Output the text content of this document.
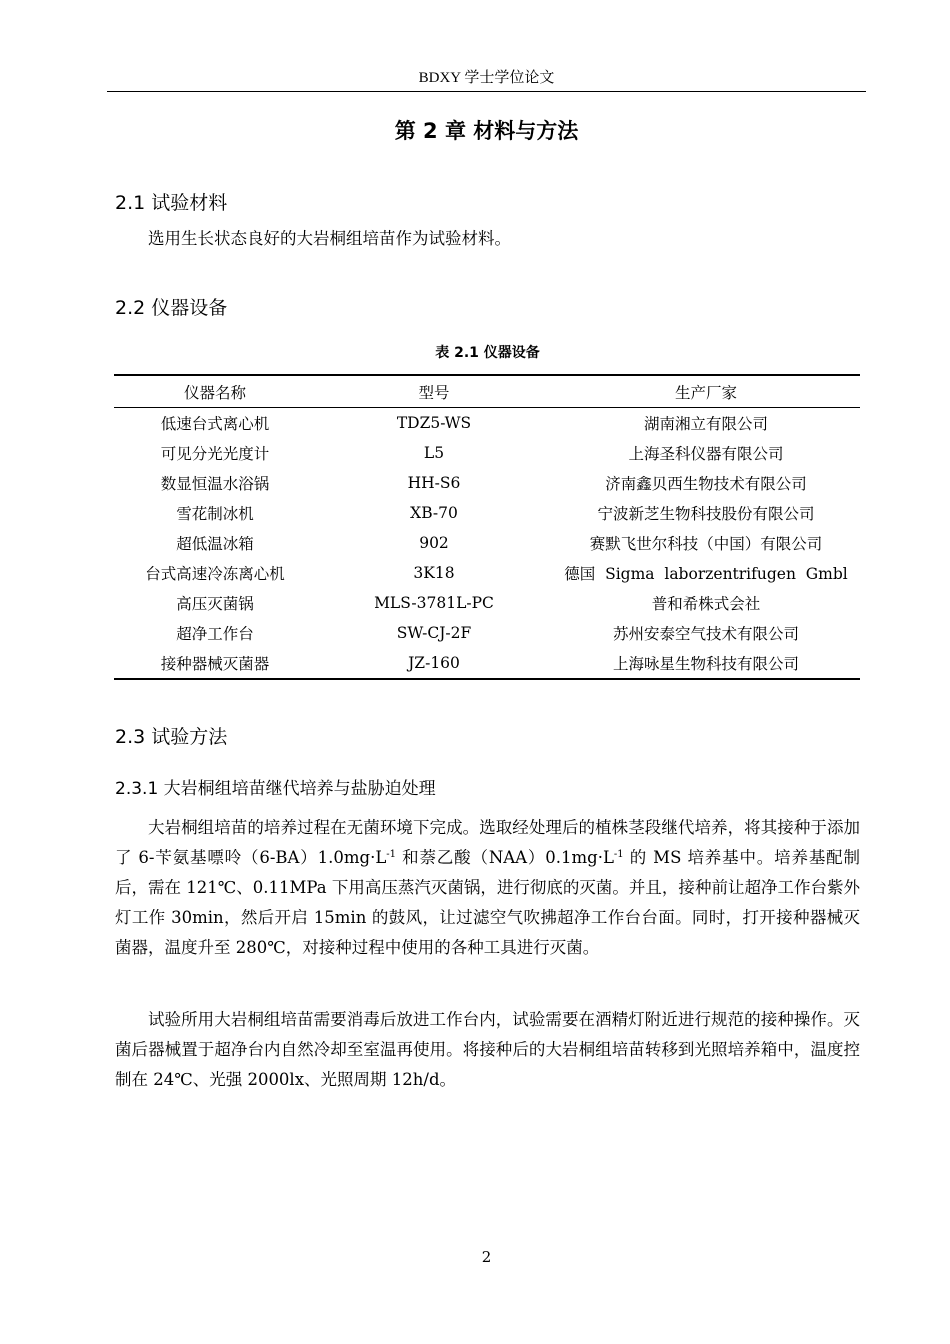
BDXY 学士学位论文
第 2 章 材料与方法
2.1 试验材料

选用生长状态良好的大岩桐组培苗作为试验材料。

2.2 仪器设备
表 2.1 仪器设备
仪器名称	型号	生产厂家
低速台式离心机	TDZ5-WS	湖南湘立有限公司
可见分光光度计	L5	上海圣科仪器有限公司
数显恒温水浴锅	HH-S6	济南鑫贝西生物技术有限公司
雪花制冰机	XB-70	宁波新芝生物科技股份有限公司
超低温冰箱	902	赛默飞世尔科技（中国）有限公司
台式高速冷冻离心机	3K18	德国  Sigma  laborzentrifugen  Gmbl
高压灭菌锅	MLS-3781L-PC	普和希株式会社
超净工作台	SW-CJ-2F	苏州安泰空气技术有限公司
接种器械灭菌器	JZ-160	上海咏星生物科技有限公司
2.3 试验方法
2.3.1 大岩桐组培苗继代培养与盐胁迫处理

大岩桐组培苗的培养过程在无菌环境下完成。选取经处理后的植株茎段继代培养，将其接种于添加了 6-苄氨基嘌呤$(6-BA)1.0mg\cdot L^{-1}$ 和萘乙酸$(NAA)0.1mg\cdot L^{-1}$ 的 MS 培养基中。培养基配制后，需在 121℃、0.11MPa 下用高压蒸汽灭菌锅，进行彻底的灭菌。并且，接种前让超净工作台紫外灯工作 30min，然后开启 15min 的鼓风，让过滤空气吹拂超净工作台台面。同时，打开接种器械灭菌器，温度升至 280℃，对接种过程中使用的各种工具进行灭菌。

试验所用大岩桐组培苗需要消毒后放进工作台内，试验需要在酒精灯附近进行规范的接种操作。灭菌后器械置于超净台内自然冷却至室温再使用。将接种后的大岩桐组培苗转移到光照培养箱中，温度控制在 24℃、光强 2000lx、光照周期 12h/d。

2
